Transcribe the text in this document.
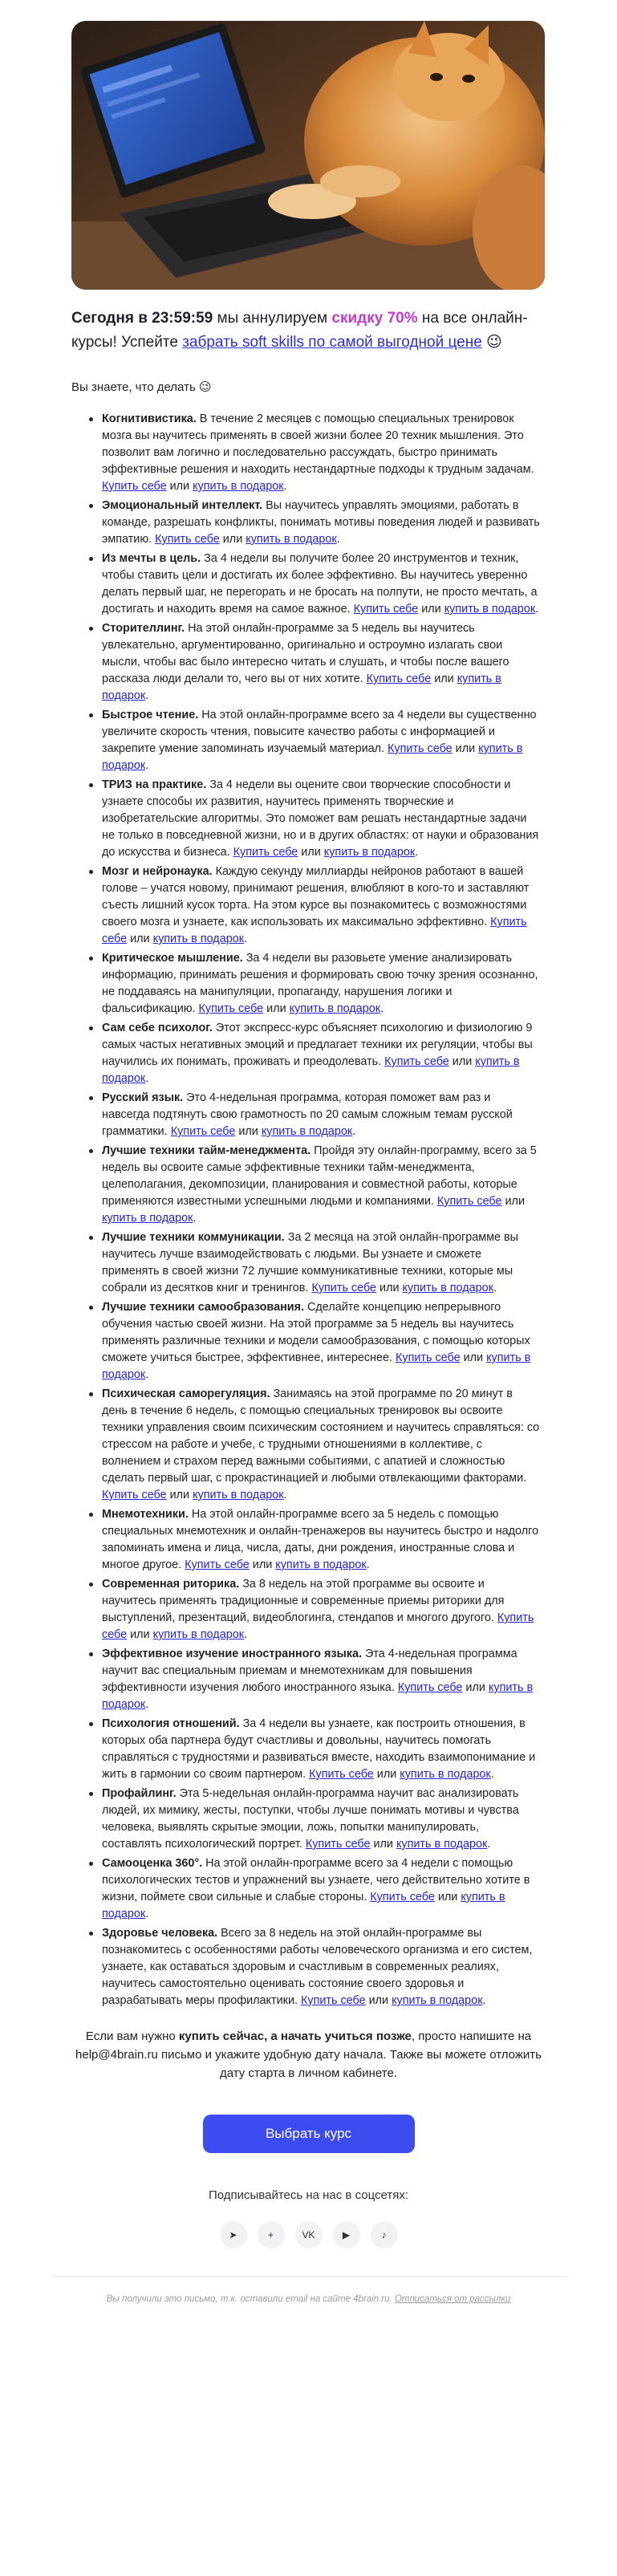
Сегодня в 23:59:59 мы аннулируем скидку 70% на все онлайн-курсы! Успейте забрать soft skills по самой выгодной цене 😉

Вы знаете, что делать 😉

Когнитивистика. В течение 2 месяцев с помощью специальных тренировок мозга вы научитесь применять в своей жизни более 20 техник мышления. Это позволит вам логично и последовательно рассуждать, быстро принимать эффективные решения и находить нестандартные подходы к трудным задачам. Купить себе или купить в подарок.
Эмоциональный интеллект. Вы научитесь управлять эмоциями, работать в команде, разрешать конфликты, понимать мотивы поведения людей и развивать эмпатию. Купить себе или купить в подарок.
Из мечты в цель. За 4 недели вы получите более 20 инструментов и техник, чтобы ставить цели и достигать их более эффективно. Вы научитесь уверенно делать первый шаг, не перегорать и не бросать на полпути, не просто мечтать, а достигать и находить время на самое важное. Купить себе или купить в подарок.
Сторителлинг. На этой онлайн-программе за 5 недель вы научитесь увлекательно, аргументированно, оригинально и остроумно излагать свои мысли, чтобы вас было интересно читать и слушать, и чтобы после вашего рассказа люди делали то, чего вы от них хотите. Купить себе или купить в подарок.
Быстрое чтение. На этой онлайн-программе всего за 4 недели вы существенно увеличите скорость чтения, повысите качество работы с информацией и закрепите умение запоминать изучаемый материал. Купить себе или купить в подарок.
ТРИЗ на практике. За 4 недели вы оцените свои творческие способности и узнаете способы их развития, научитесь применять творческие и изобретательские алгоритмы. Это поможет вам решать нестандартные задачи не только в повседневной жизни, но и в других областях: от науки и образования до искусства и бизнеса. Купить себе или купить в подарок.
Мозг и нейронаука. Каждую секунду миллиарды нейронов работают в вашей голове – учатся новому, принимают решения, влюбляют в кого-то и заставляют съесть лишний кусок торта. На этом курсе вы познакомитесь с возможностями своего мозга и узнаете, как использовать их максимально эффективно. Купить себе или купить в подарок.
Критическое мышление. За 4 недели вы разовьете умение анализировать информацию, принимать решения и формировать свою точку зрения осознанно, не поддаваясь на манипуляции, пропаганду, нарушения логики и фальсификацию. Купить себе или купить в подарок.
Сам себе психолог. Этот экспресс-курс объясняет психологию и физиологию 9 самых частых негативных эмоций и предлагает техники их регуляции, чтобы вы научились их понимать, проживать и преодолевать. Купить себе или купить в подарок.
Русский язык. Это 4-недельная программа, которая поможет вам раз и навсегда подтянуть свою грамотность по 20 самым сложным темам русской грамматики. Купить себе или купить в подарок.
Лучшие техники тайм-менеджмента. Пройдя эту онлайн-программу, всего за 5 недель вы освоите самые эффективные техники тайм-менеджмента, целеполагания, декомпозиции, планирования и совместной работы, которые применяются известными успешными людьми и компаниями. Купить себе или купить в подарок.
Лучшие техники коммуникации. За 2 месяца на этой онлайн-программе вы научитесь лучше взаимодействовать с людьми. Вы узнаете и сможете применять в своей жизни 72 лучшие коммуникативные техники, которые мы собрали из десятков книг и тренингов. Купить себе или купить в подарок.
Лучшие техники самообразования. Сделайте концепцию непрерывного обучения частью своей жизни. На этой программе за 5 недель вы научитесь применять различные техники и модели самообразования, с помощью которых сможете учиться быстрее, эффективнее, интереснее. Купить себе или купить в подарок.
Психическая саморегуляция. Занимаясь на этой программе по 20 минут в день в течение 6 недель, с помощью специальных тренировок вы освоите техники управления своим психическим состоянием и научитесь справляться: со стрессом на работе и учебе, с трудными отношениями в коллективе, с волнением и страхом перед важными событиями, с апатией и сложностью сделать первый шаг, с прокрастинацией и любыми отвлекающими факторами. Купить себе или купить в подарок.
Мнемотехники. На этой онлайн-программе всего за 5 недель с помощью специальных мнемотехник и онлайн-тренажеров вы научитесь быстро и надолго запоминать имена и лица, числа, даты, дни рождения, иностранные слова и многое другое. Купить себе или купить в подарок.
Современная риторика. За 8 недель на этой программе вы освоите и научитесь применять традиционные и современные приемы риторики для выступлений, презентаций, видеоблогинга, стендапов и многого другого. Купить себе или купить в подарок.
Эффективное изучение иностранного языка. Эта 4-недельная программа научит вас специальным приемам и мнемотехникам для повышения эффективности изучения любого иностранного языка. Купить себе или купить в подарок.
Психология отношений. За 4 недели вы узнаете, как построить отношения, в которых оба партнера будут счастливы и довольны, научитесь помогать справляться с трудностями и развиваться вместе, находить взаимопонимание и жить в гармонии со своим партнером. Купить себе или купить в подарок.
Профайлинг. Эта 5-недельная онлайн-программа научит вас анализировать людей, их мимику, жесты, поступки, чтобы лучше понимать мотивы и чувства человека, выявлять скрытые эмоции, ложь, попытки манипулировать, составлять психологический портрет. Купить себе или купить в подарок.
Самооценка 360°. На этой онлайн-программе всего за 4 недели с помощью психологических тестов и упражнений вы узнаете, чего действительно хотите в жизни, поймете свои сильные и слабые стороны. Купить себе или купить в подарок.
Здоровье человека. Всего за 8 недель на этой онлайн-программе вы познакомитесь с особенностями работы человеческого организма и его систем, узнаете, как оставаться здоровым и счастливым в современных реалиях, научитесь самостоятельно оценивать состояние своего здоровья и разрабатывать меры профилактики. Купить себе или купить в подарок.

Если вам нужно купить сейчас, а начать учиться позже, просто напишите на help@4brain.ru письмо и укажите удобную дату начала. Также вы можете отложить дату старта в личном кабинете.

Выбрать курс

Подписывайтесь на нас в соцсетях:

➤	+	VK	▶	♪

Вы получили это письмо, т.к. оставили email на сайте 4brain.ru. Отписаться от рассылки
